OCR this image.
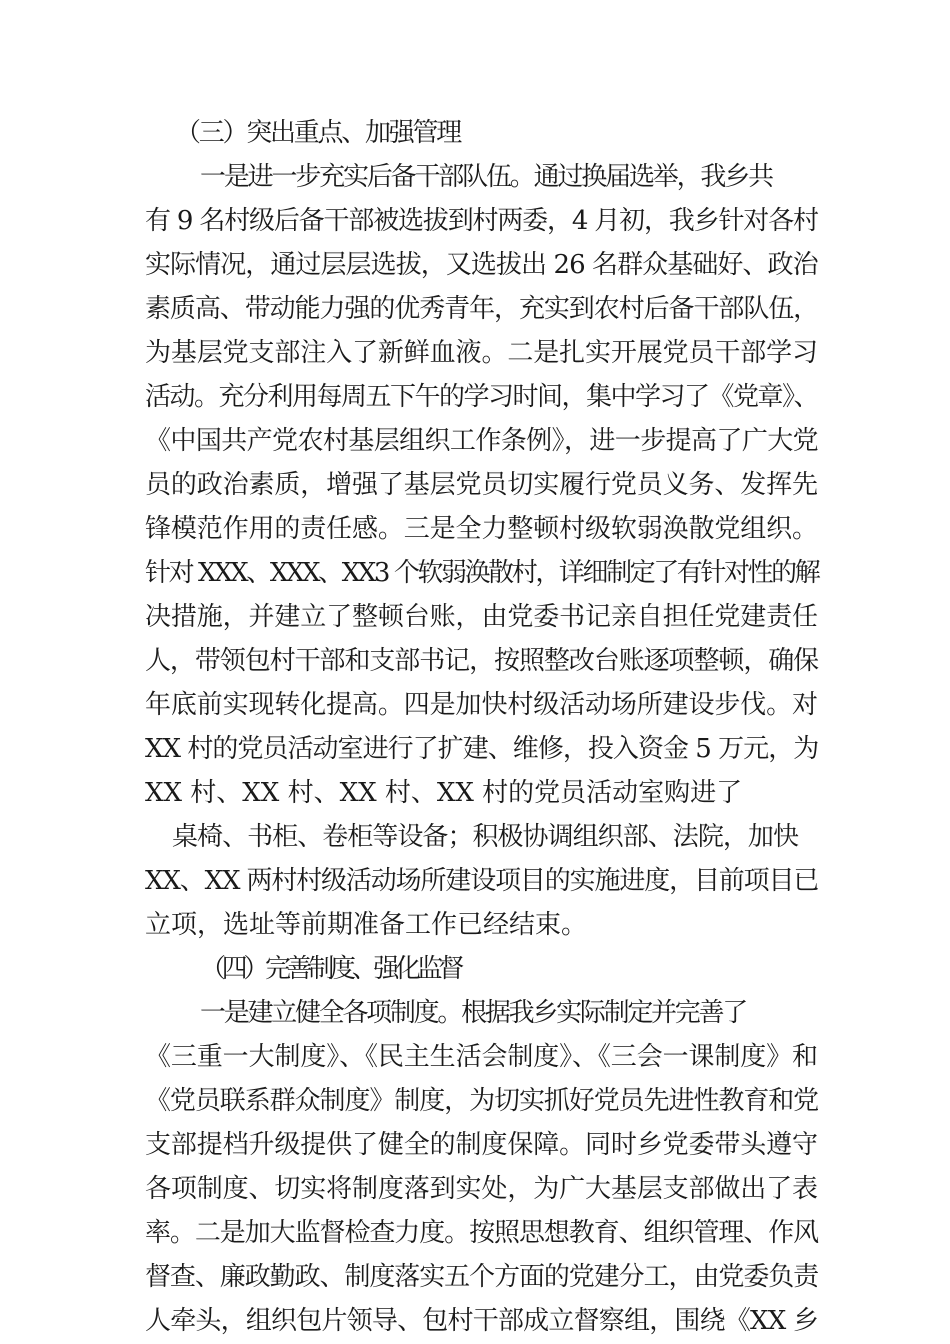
（三）突出重点、加强管理
一是进一步充实后备干部队伍。通过换届选举，我乡共
有 9 名村级后备干部被选拔到村两委，4 月初，我乡针对各村
实际情况，通过层层选拔，又选拔出 26 名群众基础好、政治
素质高、带动能力强的优秀青年，充实到农村后备干部队伍，
为基层党支部注入了新鲜血液。二是扎实开展党员干部学习
活动。充分利用每周五下午的学习时间，集中学习了《党章》、
《中国共产党农村基层组织工作条例》，进一步提高了广大党
员的政治素质，增强了基层党员切实履行党员义务、发挥先
锋模范作用的责任感。三是全力整顿村级软弱涣散党组织。
针对 XXX、XXX、XX3 个软弱涣散村，详细制定了有针对性的解
决措施，并建立了整顿台账，由党委书记亲自担任党建责任
人，带领包村干部和支部书记，按照整改台账逐项整顿，确保
年底前实现转化提高。四是加快村级活动场所建设步伐。对
XX 村的党员活动室进行了扩建、维修，投入资金 5 万元，为
XX 村、XX 村、XX 村、XX 村的党员活动室购进了
桌椅、书柜、卷柜等设备；积极协调组织部、法院，加快
XX、XX 两村村级活动场所建设项目的实施进度，目前项目已
立项，选址等前期准备工作已经结束。
（四）完善制度、强化监督
一是建立健全各项制度。根据我乡实际制定并完善了
《三重一大制度》、《民主生活会制度》、《三会一课制度》和
《党员联系群众制度》制度，为切实抓好党员先进性教育和党
支部提档升级提供了健全的制度保障。同时乡党委带头遵守
各项制度、切实将制度落到实处，为广大基层支部做出了表
率。二是加大监督检查力度。按照思想教育、组织管理、作风
督查、廉政勤政、制度落实五个方面的党建分工，由党委负责
人牵头，组织包片领导、包村干部成立督察组，围绕《XX 乡
